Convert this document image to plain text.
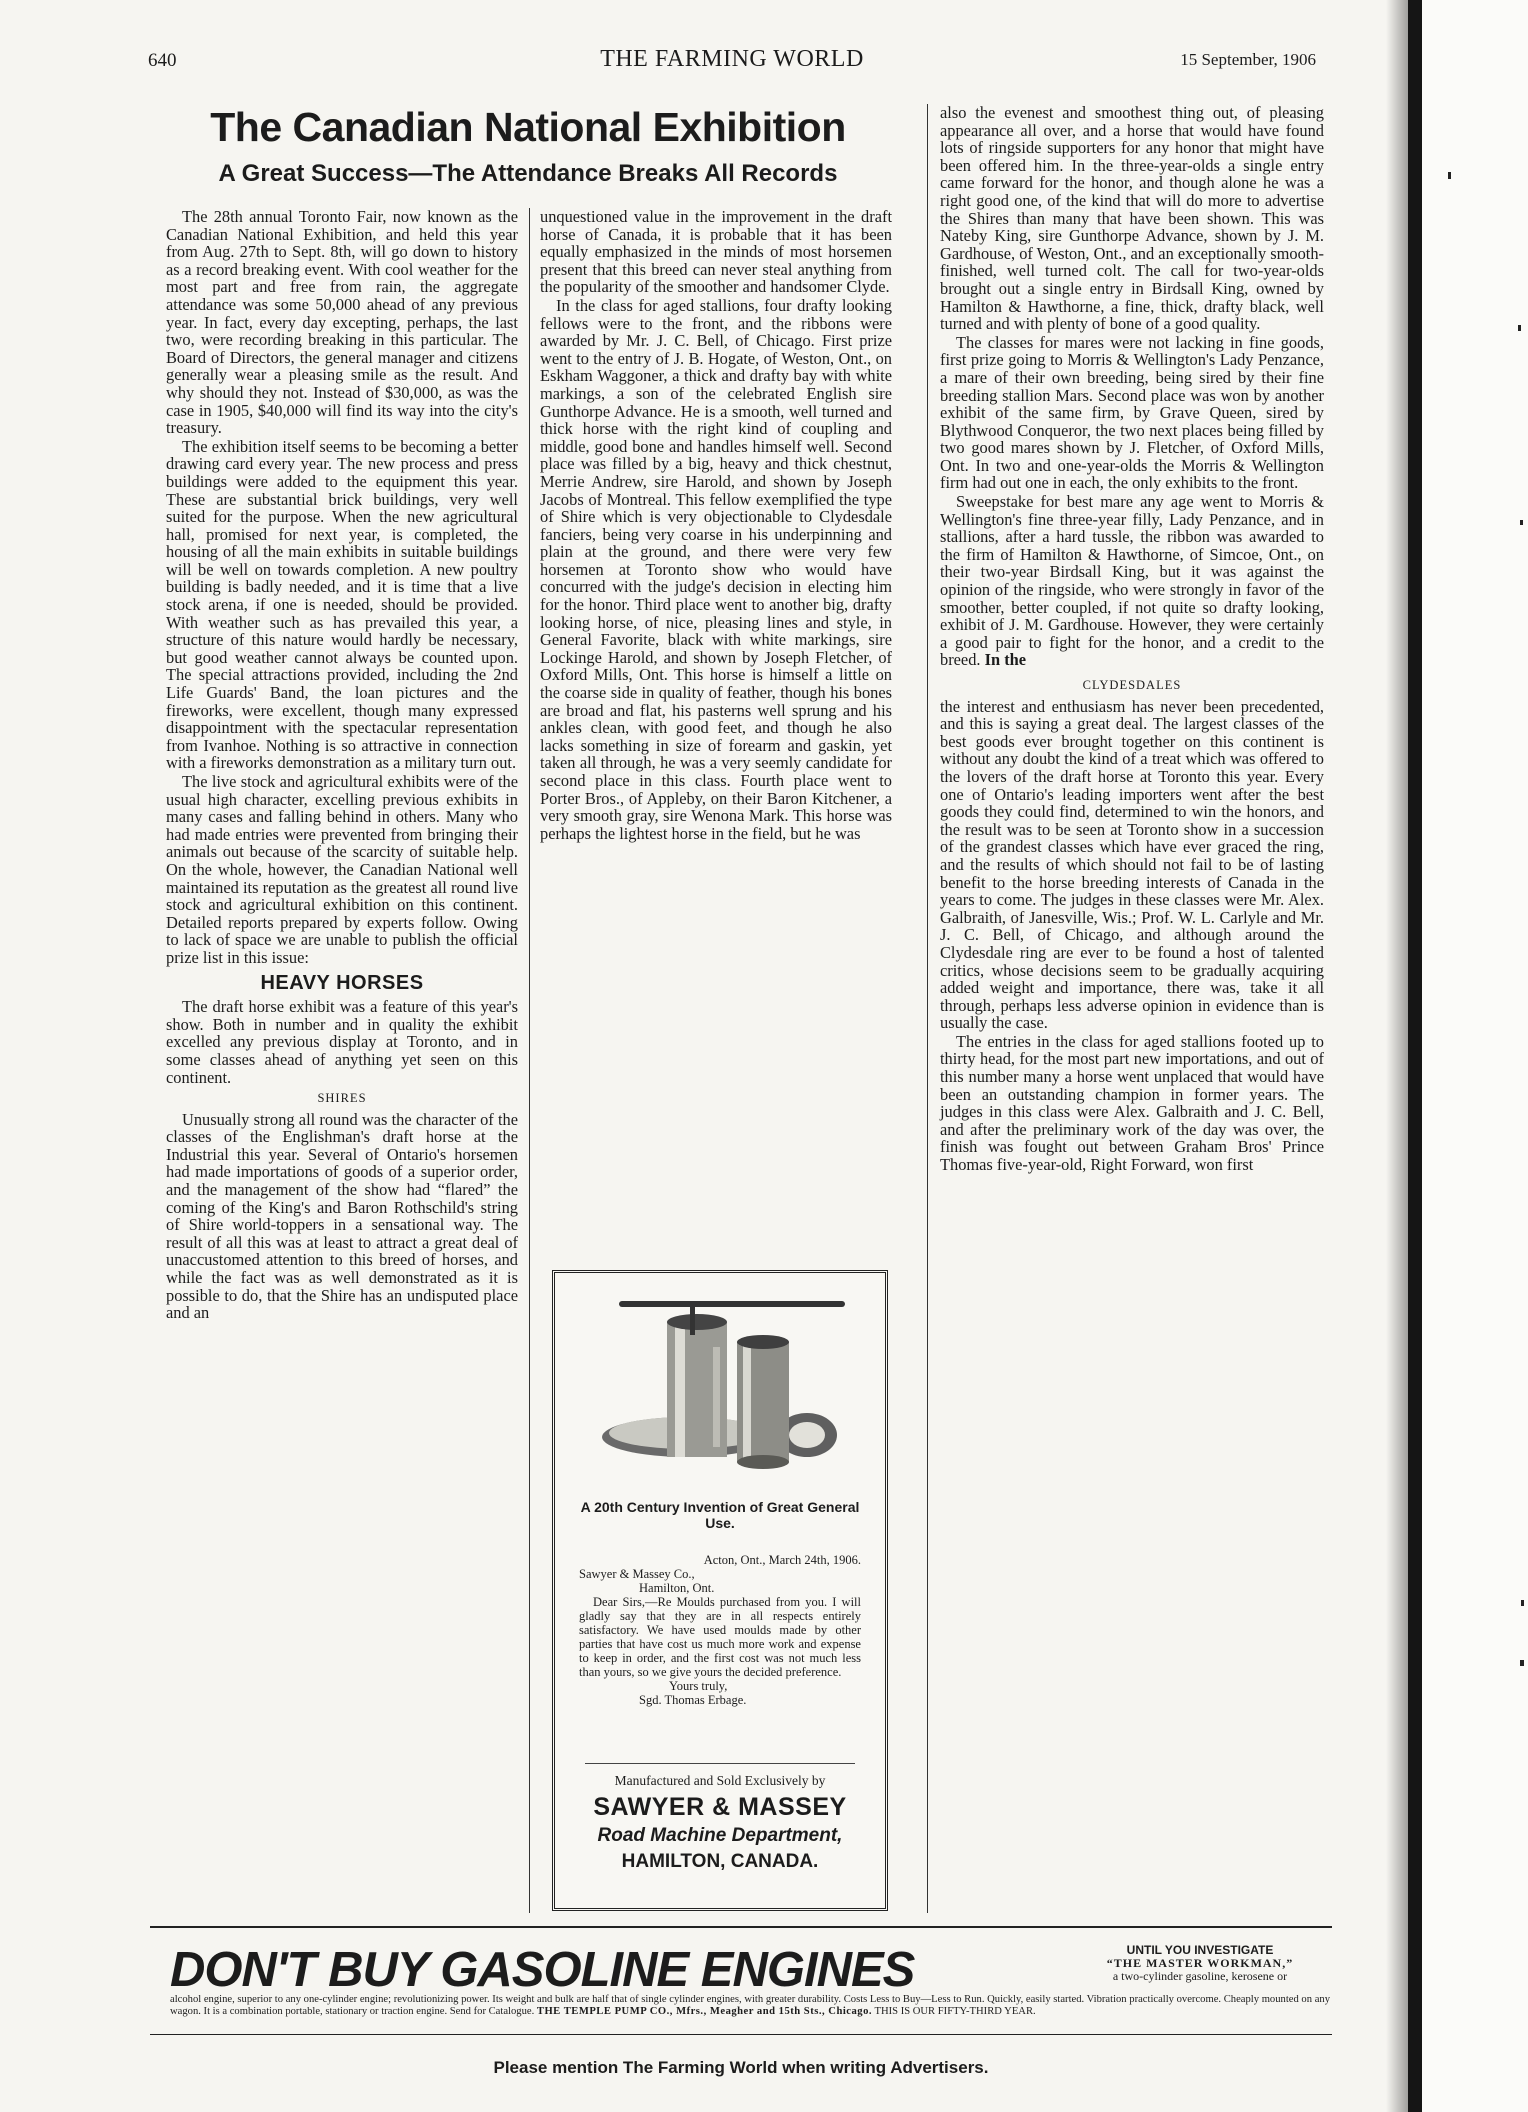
640	THE FARMING WORLD	15 September, 1906
The Canadian National Exhibition
A Great Success—The Attendance Breaks All Records

The 28th annual Toronto Fair, now known as the Canadian National Exhibition, and held this year from Aug. 27th to Sept. 8th, will go down to history as a record breaking event. With cool weather for the most part and free from rain, the aggregate attendance was some 50,000 ahead of any previous year. In fact, every day excepting, perhaps, the last two, were recording breaking in this particular. The Board of Directors, the general manager and citizens generally wear a pleasing smile as the result. And why should they not. Instead of $30,000, as was the case in 1905, $40,000 will find its way into the city's treasury.

The exhibition itself seems to be becoming a better drawing card every year. The new process and press buildings were added to the equipment this year. These are substantial brick buildings, very well suited for the purpose. When the new agricultural hall, promised for next year, is completed, the housing of all the main exhibits in suitable buildings will be well on towards completion. A new poultry building is badly needed, and it is time that a live stock arena, if one is needed, should be provided. With weather such as has prevailed this year, a structure of this nature would hardly be necessary, but good weather cannot always be counted upon. The special attractions provided, including the 2nd Life Guards' Band, the loan pictures and the fireworks, were excellent, though many expressed disappointment with the spectacular representation from Ivanhoe. Nothing is so attractive in connection with a fireworks demonstration as a military turn out.

The live stock and agricultural exhibits were of the usual high character, excelling previous exhibits in many cases and falling behind in others. Many who had made entries were prevented from bringing their animals out because of the scarcity of suitable help. On the whole, however, the Canadian National well maintained its reputation as the greatest all round live stock and agricultural exhibition on this continent. Detailed reports prepared by experts follow. Owing to lack of space we are unable to publish the official prize list in this issue:

HEAVY HORSES

The draft horse exhibit was a feature of this year's show. Both in number and in quality the exhibit excelled any previous display at Toronto, and in some classes ahead of anything yet seen on this continent.

SHIRES

Unusually strong all round was the character of the classes of the Englishman's draft horse at the Industrial this year. Several of Ontario's horsemen had made importations of goods of a superior order, and the management of the show had “flared” the coming of the King's and Baron Rothschild's string of Shire world-toppers in a sensational way. The result of all this was at least to attract a great deal of unaccustomed attention to this breed of horses, and while the fact was as well demonstrated as it is possible to do, that the Shire has an undisputed place and an

unquestioned value in the improvement in the draft horse of Canada, it is probable that it has been equally emphasized in the minds of most horsemen present that this breed can never steal anything from the popularity of the smoother and handsomer Clyde.

In the class for aged stallions, four drafty looking fellows were to the front, and the ribbons were awarded by Mr. J. C. Bell, of Chicago. First prize went to the entry of J. B. Hogate, of Weston, Ont., on Eskham Waggoner, a thick and drafty bay with white markings, a son of the celebrated English sire Gunthorpe Advance. He is a smooth, well turned and thick horse with the right kind of coupling and middle, good bone and handles himself well. Second place was filled by a big, heavy and thick chestnut, Merrie Andrew, sire Harold, and shown by Joseph Jacobs of Montreal. This fellow exemplified the type of Shire which is very objectionable to Clydesdale fanciers, being very coarse in his underpinning and plain at the ground, and there were very few horsemen at Toronto show who would have concurred with the judge's decision in electing him for the honor. Third place went to another big, drafty looking horse, of nice, pleasing lines and style, in General Favorite, black with white markings, sire Lockinge Harold, and shown by Joseph Fletcher, of Oxford Mills, Ont. This horse is himself a little on the coarse side in quality of feather, though his bones are broad and flat, his pasterns well sprung and his ankles clean, with good feet, and though he also lacks something in size of forearm and gaskin, yet taken all through, he was a very seemly candidate for second place in this class. Fourth place went to Porter Bros., of Appleby, on their Baron Kitchener, a very smooth gray, sire Wenona Mark. This horse was perhaps the lightest horse in the field, but he was

also the evenest and smoothest thing out, of pleasing appearance all over, and a horse that would have found lots of ringside supporters for any honor that might have been offered him. In the three-year-olds a single entry came forward for the honor, and though alone he was a right good one, of the kind that will do more to advertise the Shires than many that have been shown. This was Nateby King, sire Gunthorpe Advance, shown by J. M. Gardhouse, of Weston, Ont., and an exceptionally smooth-finished, well turned colt. The call for two-year-olds brought out a single entry in Birdsall King, owned by Hamilton & Hawthorne, a fine, thick, drafty black, well turned and with plenty of bone of a good quality.

The classes for mares were not lacking in fine goods, first prize going to Morris & Wellington's Lady Penzance, a mare of their own breeding, being sired by their fine breeding stallion Mars. Second place was won by another exhibit of the same firm, by Grave Queen, sired by Blythwood Conqueror, the two next places being filled by two good mares shown by J. Fletcher, of Oxford Mills, Ont. In two and one-year-olds the Morris & Wellington firm had out one in each, the only exhibits to the front.

Sweepstake for best mare any age went to Morris & Wellington's fine three-year filly, Lady Penzance, and in stallions, after a hard tussle, the ribbon was awarded to the firm of Hamilton & Hawthorne, of Simcoe, Ont., on their two-year Birdsall King, but it was against the opinion of the ringside, who were strongly in favor of the smoother, better coupled, if not quite so drafty looking, exhibit of J. M. Gardhouse. However, they were certainly a good pair to fight for the honor, and a credit to the breed. In the

CLYDESDALES

the interest and enthusiasm has never been precedented, and this is saying a great deal. The largest classes of the best goods ever brought together on this continent is without any doubt the kind of a treat which was offered to the lovers of the draft horse at Toronto this year. Every one of Ontario's leading importers went after the best goods they could find, determined to win the honors, and the result was to be seen at Toronto show in a succession of the grandest classes which have ever graced the ring, and the results of which should not fail to be of lasting benefit to the horse breeding interests of Canada in the years to come. The judges in these classes were Mr. Alex. Galbraith, of Janesville, Wis.; Prof. W. L. Carlyle and Mr. J. C. Bell, of Chicago, and although around the Clydesdale ring are ever to be found a host of talented critics, whose decisions seem to be gradually acquiring added weight and importance, there was, take it all through, perhaps less adverse opinion in evidence than is usually the case.

The entries in the class for aged stallions footed up to thirty head, for the most part new importations, and out of this number many a horse went unplaced that would have been an outstanding champion in former years. The judges in this class were Alex. Galbraith and J. C. Bell, and after the preliminary work of the day was over, the finish was fought out between Graham Bros' Prince Thomas five-year-old, Right Forward, won first

A 20th Century Invention of Great General Use.
Acton, Ont., March 24th, 1906.
Sawyer & Massey Co.,
Hamilton, Ont.
Dear Sirs,—Re Moulds purchased from you. I will gladly say that they are in all respects entirely satisfactory. We have used moulds made by other parties that have cost us much more work and expense to keep in order, and the first cost was not much less than yours, so we give yours the decided preference.
Yours truly,
Sgd. Thomas Erbage.
Manufactured and Sold Exclusively by
SAWYER & MASSEY
Road Machine Department,
HAMILTON, CANADA.
DON'T BUY GASOLINE ENGINES	UNTIL YOU INVESTIGATE
“THE MASTER WORKMAN,”
a two-cylinder gasoline, kerosene or
alcohol engine, superior to any one-cylinder engine; revolutionizing power. Its weight and bulk are half that of single cylinder engines, with greater durability. Costs Less to Buy—Less to Run. Quickly, easily started. Vibration practically overcome. Cheaply mounted on any wagon. It is a combination portable, stationary or traction engine. Send for Catalogue. THE TEMPLE PUMP CO., Mfrs., Meagher and 15th Sts., Chicago. THIS IS OUR FIFTY-THIRD YEAR.
Please mention The Farming World when writing Advertisers.
